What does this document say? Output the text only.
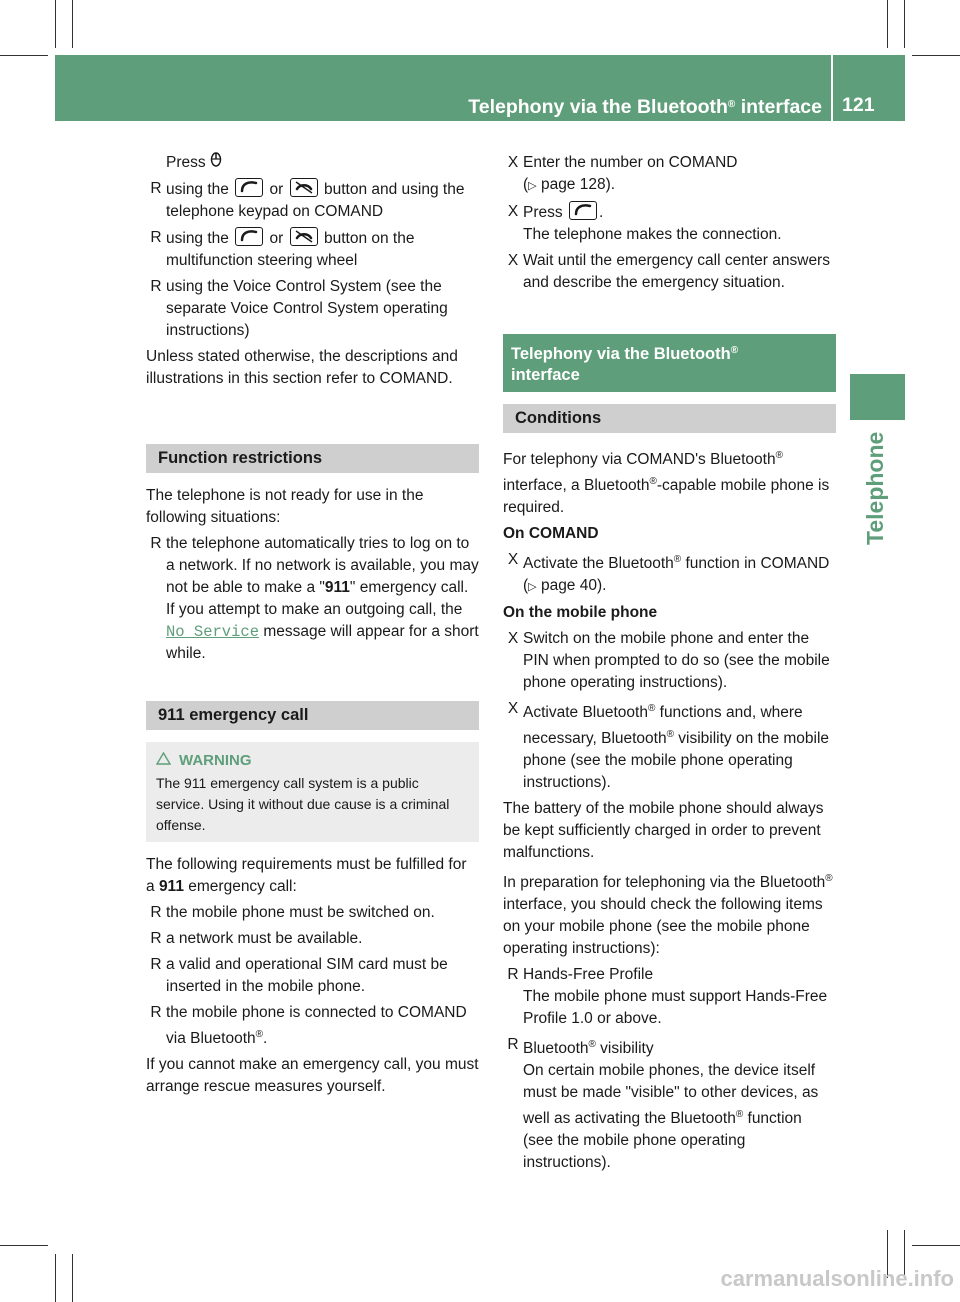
Telephony via the Bluetooth® interface 121
Telephone

Press

R using the	or	button and using the telephone keypad on COMAND
R using the	or	button on the multifunction steering wheel
R using the Voice Control System (see the separate Voice Control System operating instructions)

Unless stated otherwise, the descriptions and illustrations in this section refer to COMAND.

Function restrictions

The telephone is not ready for use in the following situations:

R the telephone automatically tries to log on to a network. If no network is available, you may not be able to make a "911" emergency call. If you attempt to make an outgoing call, the No Service message will appear for a short while.
911 emergency call
WARNING
The 911 emergency call system is a public service. Using it without due cause is a criminal offense.

The following requirements must be fulfilled for a 911 emergency call:

R the mobile phone must be switched on.
R a network must be available.
R a valid and operational SIM card must be inserted in the mobile phone.
R the mobile phone is connected to COMAND via Bluetooth®.

If you cannot make an emergency call, you must arrange rescue measures yourself.

X Enter the number on COMAND
(▷ page 128).
X Press .
The telephone makes the connection.
X Wait until the emergency call center answers and describe the emergency situation.
Telephony via the Bluetooth®
interface
Conditions

For telephony via COMAND's Bluetooth® interface, a Bluetooth®-capable mobile phone is required.

On COMAND

X Activate the Bluetooth® function in COMAND (▷ page 40).

On the mobile phone

X Switch on the mobile phone and enter the PIN when prompted to do so (see the mobile phone operating instructions).
X Activate Bluetooth® functions and, where necessary, Bluetooth® visibility on the mobile phone (see the mobile phone operating instructions).

The battery of the mobile phone should always be kept sufficiently charged in order to prevent malfunctions.

In preparation for telephoning via the Bluetooth® interface, you should check the following items on your mobile phone (see the mobile phone operating instructions):

R Hands-Free Profile
The mobile phone must support Hands-Free Profile 1.0 or above.
R Bluetooth® visibility
On certain mobile phones, the device itself must be made "visible" to other devices, as well as activating the Bluetooth® function (see the mobile phone operating instructions).
carmanualsonline.info
